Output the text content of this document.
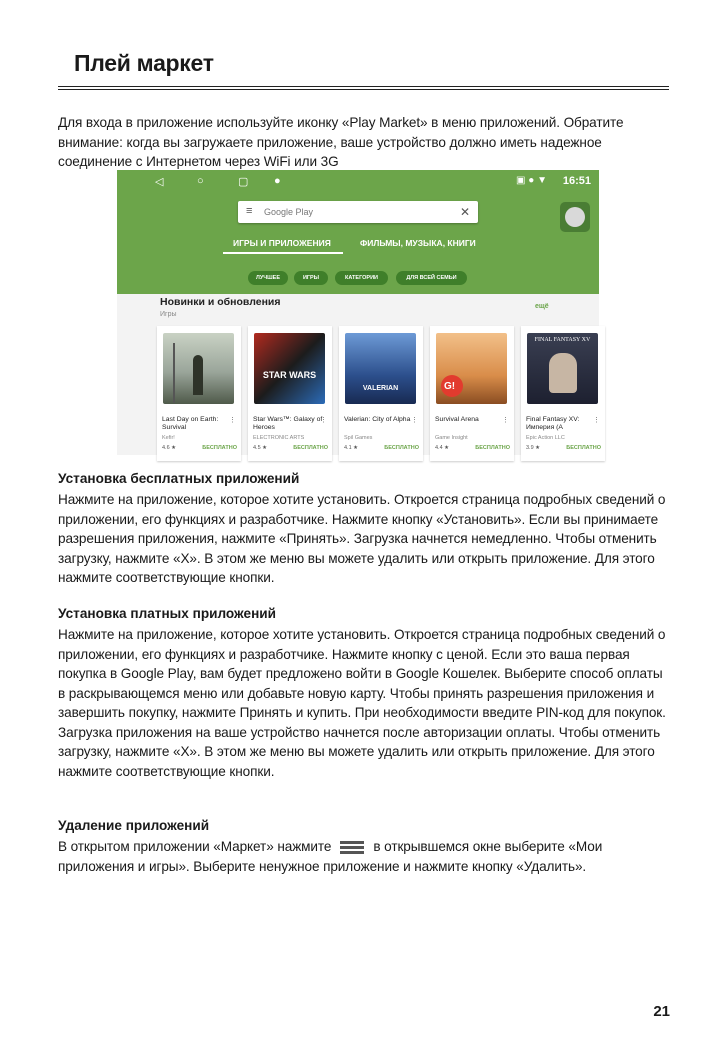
Плей маркет

Для входа в приложение используйте иконку «Play Market» в меню приложений. Обратите внимание: когда вы загружаете приложение, ваше устройство должно иметь надежное соединение с Интернетом через WiFi или 3G

◁	○	▢ ●	▣ ● ▼ 16:51
≡ Google Play	✕
ИГРЫ И ПРИЛОЖЕНИЯ	ФИЛЬМЫ, МУЗЫКА, КНИГИ
ЛУЧШЕЕ	ИГРЫ	КАТЕГОРИИ	ДЛЯ ВСЕЙ СЕМЬИ
Новинки и обновления
Игры
ещё
Last Day on Earth: Survival
⋮
Kefir!
4.6 ★	БЕСПЛАТНО
STAR WARS
Star Wars™: Galaxy of Heroes
⋮
ELECTRONIC ARTS
4.5 ★	БЕСПЛАТНО
VALERIAN
Valerian: City of Alpha ⋮
Spil Games
4.1 ★	БЕСПЛАТНО
G!
Survival Arena	⋮
Game Insight
4.4 ★	БЕСПЛАТНО
FINAL FANTASY XV
Final Fantasy XV: Империя (A
⋮
Epic Action LLC
3.9 ★	БЕСПЛАТНО

Установка бесплатных приложений

Нажмите на приложение, которое хотите установить. Откроется страница подробных сведений о приложении, его функциях и разработчике. Нажмите кнопку «Установить». Если вы принимаете разрешения приложения, нажмите «Принять». Загрузка начнется немедленно. Чтобы отменить загрузку, нажмите «X». В этом же меню вы можете удалить или открыть приложение. Для этого нажмите соответствующие кнопки.

Установка платных приложений

Нажмите на приложение, которое хотите установить. Откроется страница подробных сведений о приложении, его функциях и разработчике. Нажмите кнопку с ценой. Если это ваша первая покупка в Google Play, вам будет предложено войти в Google Кошелек. Выберите способ оплаты в раскрывающемся меню или добавьте новую карту. Чтобы принять разрешения приложения и завершить покупку, нажмите Принять и купить. При необходимости введите PIN-код для покупок. Загрузка приложения на ваше устройство начнется после авторизации оплаты. Чтобы отменить загрузку, нажмите «X». В этом же меню вы можете удалить или открыть приложение. Для этого нажмите соответствующие кнопки.

Удаление приложений

В открытом приложении «Маркет» нажмите	в открывшемся окне выберите «Мои приложения и игры». Выберите ненужное приложение и нажмите кнопку «Удалить».

21
